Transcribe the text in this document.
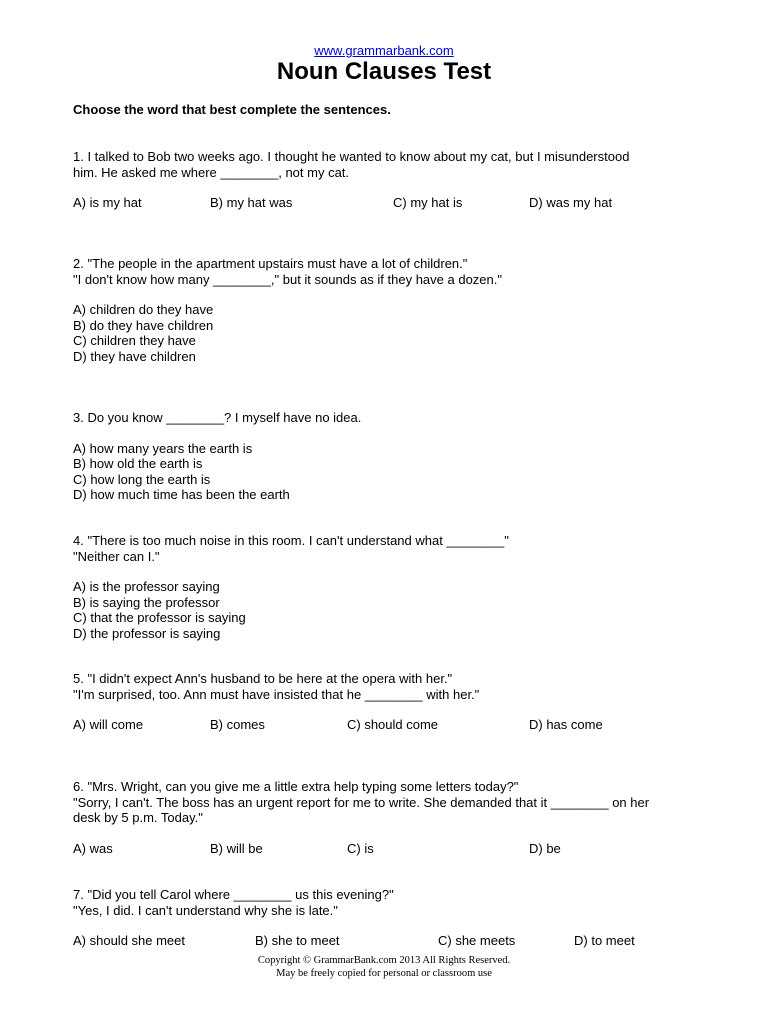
www.grammarbank.com
Noun Clauses Test
Choose the word that best complete the sentences.
1. I talked to Bob two weeks ago. I thought he wanted to know about my cat, but I misunderstood
him. He asked me where ________, not my cat.
A) is my hat	B) my hat was	C) my hat is	D) was my hat
2. "The people in the apartment upstairs must have a lot of children."
"I don't know how many ________," but it sounds as if they have a dozen."
A) children do they have
B) do they have children
C) children they have
D) they have children
3. Do you know ________? I myself have no idea.
A) how many years the earth is
B) how old the earth is
C) how long the earth is
D) how much time has been the earth
4. "There is too much noise in this room. I can't understand what ________"
"Neither can I."
A) is the professor saying
B) is saying the professor
C) that the professor is saying
D) the professor is saying
5. "I didn't expect Ann's husband to be here at the opera with her."
"I'm surprised, too. Ann must have insisted that he ________ with her."
A) will come	B) comes	C) should come	D) has come
6. "Mrs. Wright, can you give me a little extra help typing some letters today?"
"Sorry, I can't. The boss has an urgent report for me to write. She demanded that it ________ on her
desk by 5 p.m. Today."
A) was	B) will be	C) is	D) be
7. "Did you tell Carol where ________ us this evening?"
"Yes, I did. I can't understand why she is late."
A) should she meet	B) she to meet	C) she meets	D) to meet
Copyright © GrammarBank.com 2013 All Rights Reserved.
May be freely copied for personal or classroom use
